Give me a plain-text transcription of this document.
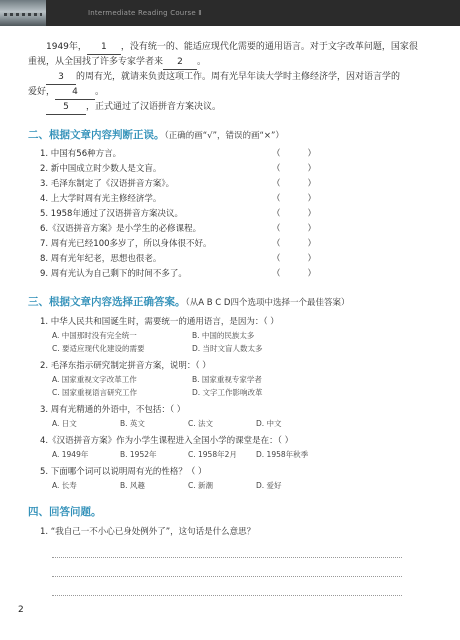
Intermediate Reading Course Ⅱ
1949年， 1 ，没有统一的、能适应现代化需要的通用语言。对于文字改革问题，国家很
重视，从全国找了许多专家学者来 2 。
3 的周有光，就请来负责这项工作。周有光早年读大学时主修经济学，因对语言学的
爱好， 4 。
5 ，正式通过了汉语拼音方案决议。
二、根据文章内容判断正误。（正确的画“√”，错误的画“×”）
1. 中国有56种方言。	（	）
2. 新中国成立时少数人是文盲。	（	）
3. 毛泽东制定了《汉语拼音方案》。	（	）
4. 上大学时周有光主修经济学。	（	）
5. 1958年通过了汉语拼音方案决议。	（	）
6.《汉语拼音方案》是小学生的必修课程。	（	）
7. 周有光已经100多岁了，所以身体很不好。	（	）
8. 周有光年纪老，思想也很老。	（	）
9. 周有光认为自己剩下的时间不多了。	（	）
三、根据文章内容选择正确答案。（从A B C D四个选项中选择一个最佳答案）
1. 中华人民共和国诞生时，需要统一的通用语言，是因为：（ ）
A. 中国那时没有完全统一	B. 中国的民族太多
C. 要适应现代化建设的需要	D. 当时文盲人数太多
2. 毛泽东指示研究制定拼音方案，说明：（ ）
A. 国家重视文字改革工作	B. 国家重视专家学者
C. 国家重视语言研究工作	D. 文字工作影响改革
3. 周有光精通的外语中，不包括：（ ）
A. 日文	B. 英文	C. 法文	D. 中文
4.《汉语拼音方案》作为小学生课程进入全国小学的课堂是在：（ ）
A. 1949年	B. 1952年	C. 1958年2月	D. 1958年秋季
5. 下面哪个词可以说明周有光的性格？（ ）
A. 长寿	B. 风趣	C. 新潮	D. 爱好
四、回答问题。
1. “我自己一不小心已身处例外了”，这句话是什么意思？
2
